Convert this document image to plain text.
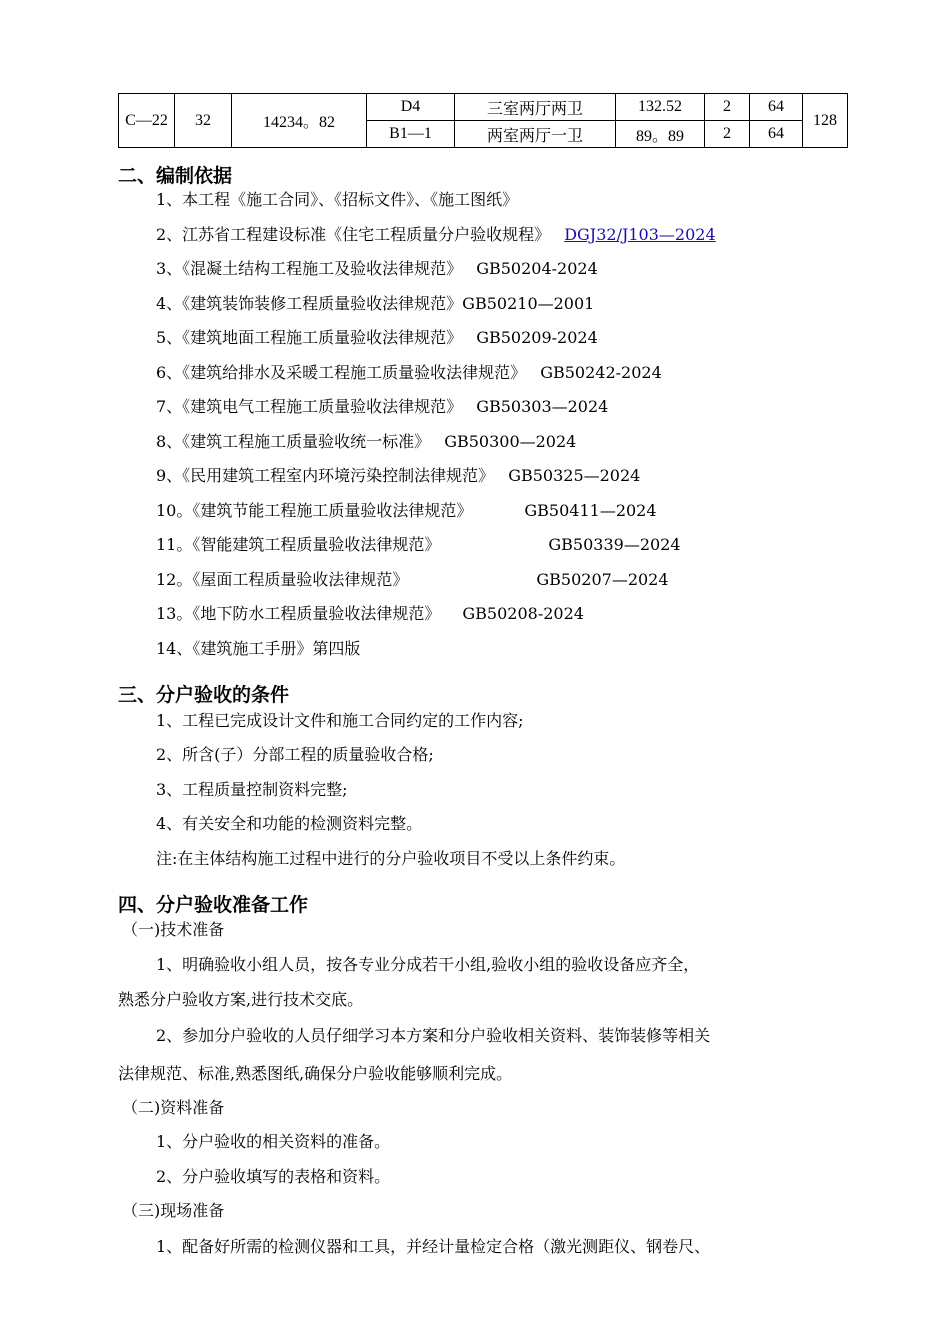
C—22	32	14234。82	D4	三室两厅两卫	132.52	2	64	128
			B1—1	两室两厅一卫	89。89	2	64	
二、编制依据
1、本工程《施工合同》、《招标文件》、《施工图纸》
2、江苏省工程建设标准《住宅工程质量分户验收规程》 DGJ32/J103—2024
3、《混凝土结构工程施工及验收法律规范》 GB50204-2024
4、《建筑装饰装修工程质量验收法律规范》GB50210—2001
5、《建筑地面工程施工质量验收法律规范》 GB50209-2024
6、《建筑给排水及采暖工程施工质量验收法律规范》 GB50242-2024
7、《建筑电气工程施工质量验收法律规范》 GB50303—2024
8、《建筑工程施工质量验收统一标准》 GB50300—2024
9、《民用建筑工程室内环境污染控制法律规范》 GB50325—2024
10。《建筑节能工程施工质量验收法律规范》	GB50411—2024
11。《智能建筑工程质量验收法律规范》	GB50339—2024
12。《屋面工程质量验收法律规范》	GB50207—2024
13。《地下防水工程质量验收法律规范》 GB50208-2024
14、《建筑施工手册》第四版
三、分户验收的条件
1、工程已完成设计文件和施工合同约定的工作内容;
2、所含(子）分部工程的质量验收合格;
3、工程质量控制资料完整;
4、有关安全和功能的检测资料完整。
注:在主体结构施工过程中进行的分户验收项目不受以上条件约束。
四、分户验收准备工作
（一)技术准备
1、明确验收小组人员，按各专业分成若干小组,验收小组的验收设备应齐全，
熟悉分户验收方案,进行技术交底。
2、参加分户验收的人员仔细学习本方案和分户验收相关资料、装饰装修等相关
法律规范、标准,熟悉图纸,确保分户验收能够顺利完成。
（二)资料准备
1、分户验收的相关资料的准备。
2、分户验收填写的表格和资料。
（三)现场准备
1、配备好所需的检测仪器和工具，并经计量检定合格（激光测距仪、钢卷尺、
